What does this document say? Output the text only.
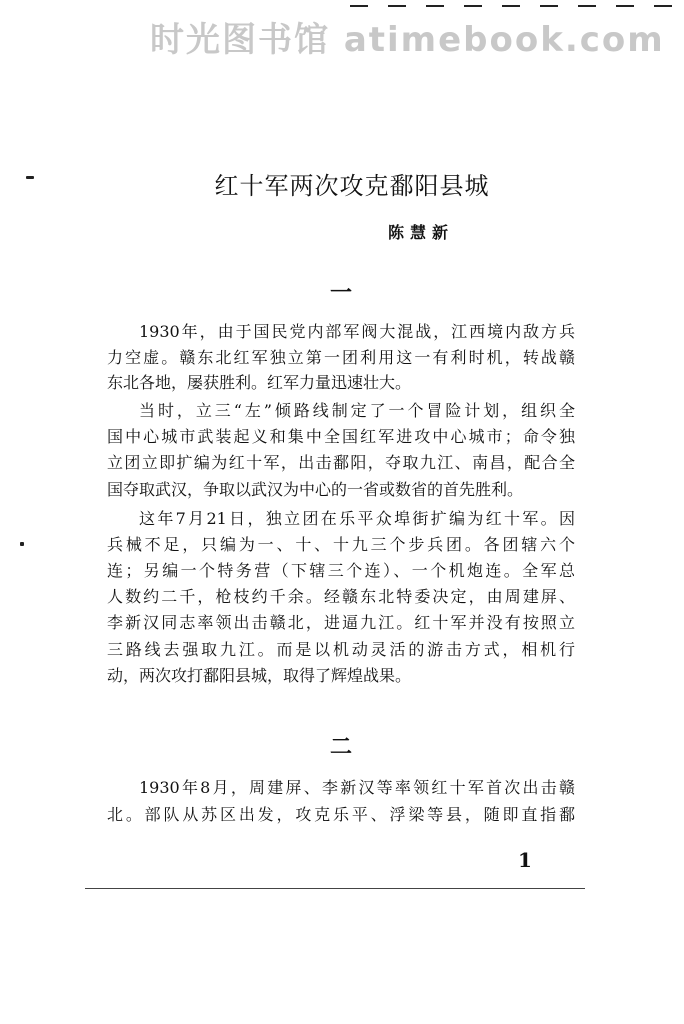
时光图书馆 atimebook.com
红十军两次攻克鄱阳县城
陈慧新
一
二
1930年，由于国民党内部军阀大混战，江西境内敌方兵
力空虚。赣东北红军独立第一团利用这一有利时机，转战赣
东北各地，屡获胜利。红军力量迅速壮大。
当时，立三“左”倾路线制定了一个冒险计划，组织全
国中心城市武装起义和集中全国红军进攻中心城市；命令独
立团立即扩编为红十军，出击鄱阳，夺取九江、南昌，配合全
国夺取武汉，争取以武汉为中心的一省或数省的首先胜利。
这年7月21日，独立团在乐平众埠街扩编为红十军。因
兵械不足，只编为一、十、十九三个步兵团。各团辖六个
连；另编一个特务营（下辖三个连）、一个机炮连。全军总
人数约二千，枪枝约千余。经赣东北特委决定，由周建屏、
李新汉同志率领出击赣北，进逼九江。红十军并没有按照立
三路线去强取九江。而是以机动灵活的游击方式，相机行
动，两次攻打鄱阳县城，取得了辉煌战果。
1930年8月，周建屏、李新汉等率领红十军首次出击赣
北。部队从苏区出发，攻克乐平、浮梁等县，随即直指鄱
1
